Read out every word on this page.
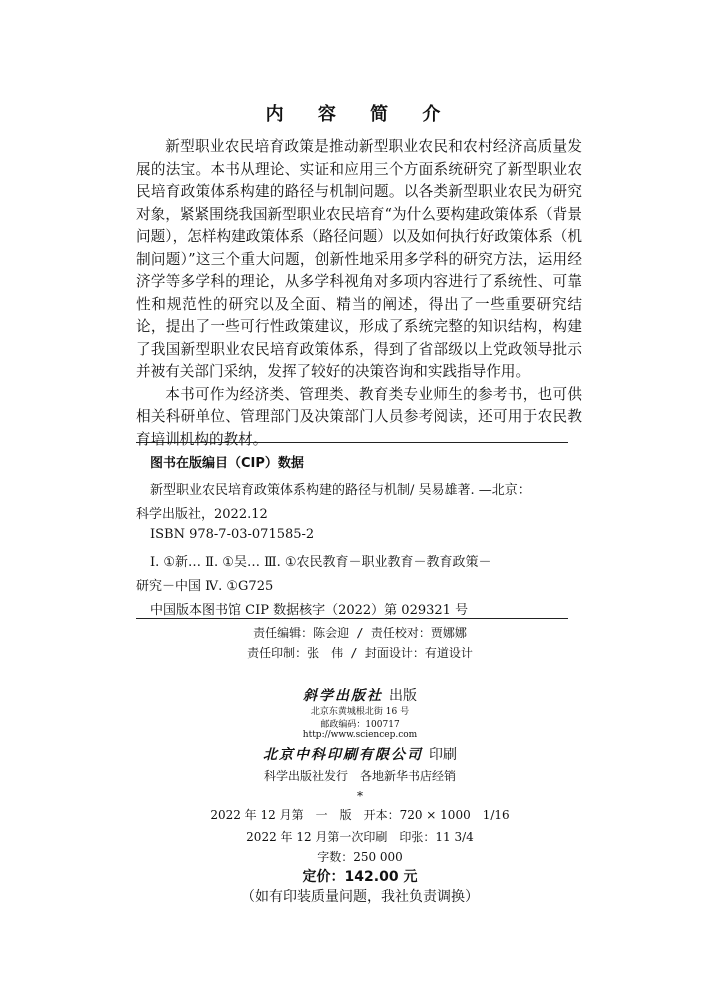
内 容 简 介

新型职业农民培育政策是推动新型职业农民和农村经济高质量发展的法宝。本书从理论、实证和应用三个方面系统研究了新型职业农民培育政策体系构建的路径与机制问题。以各类新型职业农民为研究对象，紧紧围绕我国新型职业农民培育“为什么要构建政策体系（背景问题），怎样构建政策体系（路径问题）以及如何执行好政策体系（机制问题）”这三个重大问题，创新性地采用多学科的研究方法，运用经济学等多学科的理论，从多学科视角对多项内容进行了系统性、可靠性和规范性的研究以及全面、精当的阐述，得出了一些重要研究结论，提出了一些可行性政策建议，形成了系统完整的知识结构，构建了我国新型职业农民培育政策体系，得到了省部级以上党政领导批示并被有关部门采纳，发挥了较好的决策咨询和实践指导作用。

本书可作为经济类、管理类、教育类专业师生的参考书，也可供相关科研单位、管理部门及决策部门人员参考阅读，还可用于农民教育培训机构的教材。

图书在版编目（CIP）数据
新型职业农民培育政策体系构建的路径与机制/ 吴易雄著. —北京：
科学出版社，2022.12
ISBN 978-7-03-071585-2
Ⅰ. ①新… Ⅱ. ①吴… Ⅲ. ①农民教育－职业教育－教育政策－
研究－中国 Ⅳ. ①G725
中国版本图书馆 CIP 数据核字（2022）第 029321 号
责任编辑：陈会迎 / 责任校对：贾娜娜
责任印制：张　伟 / 封面设计：有道设计
斜学出版社 出版
北京东黄城根北街 16 号
邮政编码：100717
http://www.sciencep.com
北京中科印刷有限公司 印刷
科学出版社发行　各地新华书店经销
*
2022 年 12 月第　一　版　开本：720 × 1000　1/16
2022 年 12 月第一次印刷　印张：11 3/4
字数：250 000
定价：142.00 元
（如有印装质量问题，我社负责调换）
